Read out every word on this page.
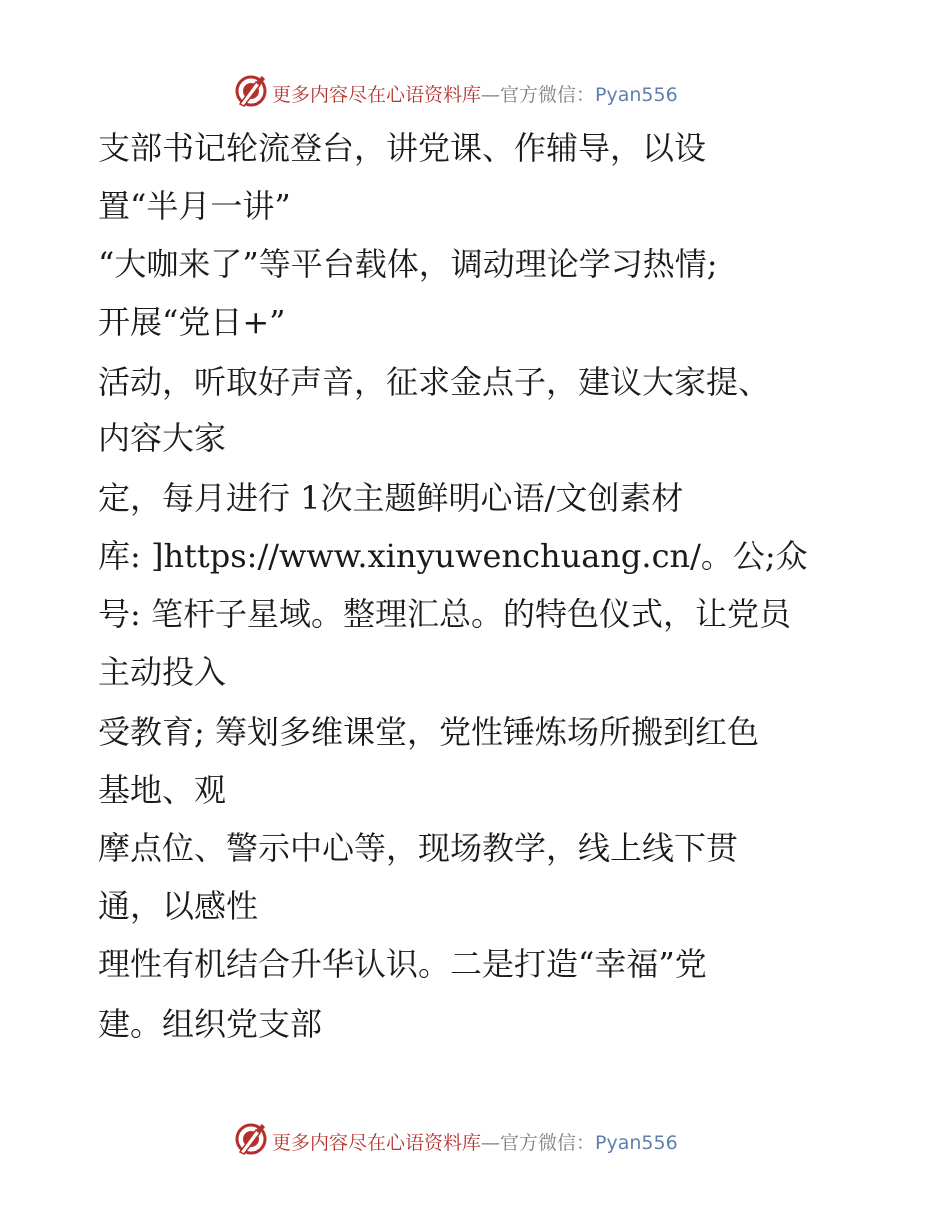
更多内容尽在心语资料库—官方微信：Pyan556
支部书记轮流登台，讲党课、作辅导，以设
置“半月一讲”
“大咖来了”等平台载体，调动理论学习热情;
开展“党日+”
活动，听取好声音，征求金点子，建议大家提、
内容大家
定，每月进行 1次主题鲜明心语/文创素材
库: ]https://www.xinyuwenchuang.cn/。公;众
号: 笔杆子星域。整理汇总。的特色仪式，让党员
主动投入
受教育; 筹划多维课堂，党性锤炼场所搬到红色
基地、观
摩点位、警示中心等，现场教学，线上线下贯
通，以感性
理性有机结合升华认识。二是打造“幸福”党
建。组织党支部
更多内容尽在心语资料库—官方微信：Pyan556
